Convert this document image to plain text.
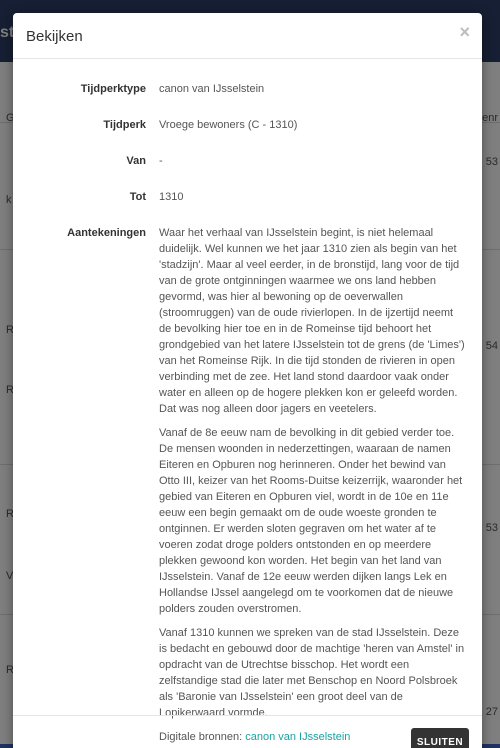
Bekijken	×
Tijdperktype	canon van IJsselstein
Tijdperk	Vroege bewoners (C - 1310)
Van	-
Tot	1310
Aantekeningen	Waar het verhaal van IJsselstein begint, is niet helemaal duidelijk. Wel kunnen we het jaar 1310 zien als begin van het 'stadzijn'. Maar al veel eerder, in de bronstijd, lang voor de tijd van de grote ontginningen waarmee we ons land hebben gevormd, was hier al bewoning op de oeverwallen (stroomruggen) van de oude rivierlopen. In de ijzertijd neemt de bevolking hier toe en in de Romeinse tijd behoort het grondgebied van het latere IJsselstein tot de grens (de 'Limes') van het Romeinse Rijk. In die tijd stonden de rivieren in open verbinding met de zee. Het land stond daardoor vaak onder water en alleen op de hogere plekken kon er geleefd worden. Dat was nog alleen door jagers en veetelers.

Vanaf de 8e eeuw nam de bevolking in dit gebied verder toe. De mensen woonden in nederzettingen, waaraan de namen Eiteren en Opburen nog herinneren. Onder het bewind van Otto III, keizer van het Rooms-Duitse keizerrijk, waaronder het gebied van Eiteren en Opburen viel, wordt in de 10e en 11e eeuw een begin gemaakt om de oude woeste gronden te ontginnen. Er werden sloten gegraven om het water af te voeren zodat droge polders ontstonden en op meerdere plekken gewoond kon worden. Het begin van het land van IJsselstein. Vanaf de 12e eeuw werden dijken langs Lek en Hollandse IJssel aangelegd om te voorkomen dat de nieuwe polders zouden overstromen.

Vanaf 1310 kunnen we spreken van de stad IJsselstein. Deze is bedacht en gebouwd door de machtige 'heren van Amstel' in opdracht van de Utrechtse bisschop. Het wordt een zelfstandige stad die later met Benschop en Noord Polsbroek als 'Baronie van IJsselstein' een groot deel van de Lopikerwaard vormde.

Digitale bronnen: canon van IJsselstein	SLUITEN
